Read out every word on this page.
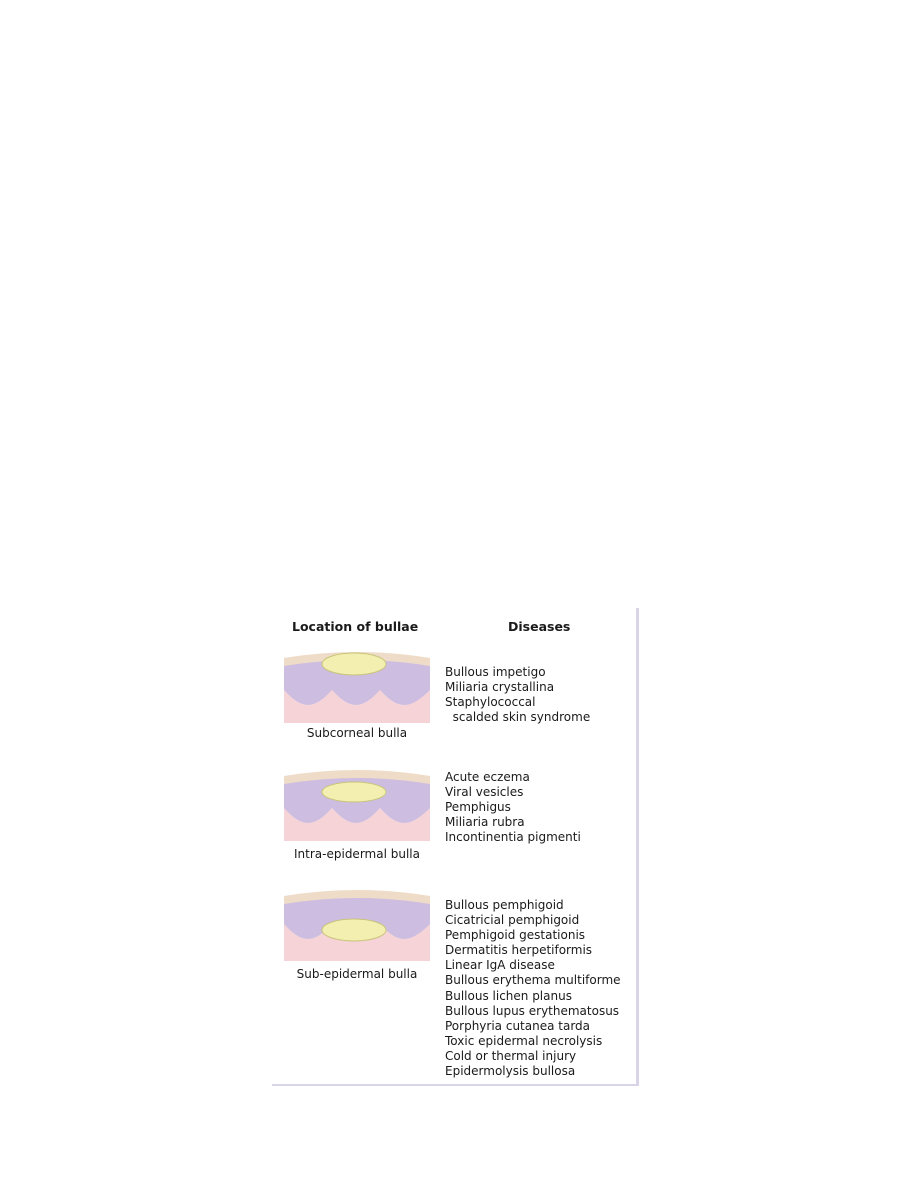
Location of bullae	Diseases
Subcorneal bulla
Bullous impetigo
Miliaria crystallina
Staphylococcal
scalded skin syndrome
Intra-epidermal bulla
Acute eczema
Viral vesicles
Pemphigus
Miliaria rubra
Incontinentia pigmenti
Sub-epidermal bulla
Bullous pemphigoid
Cicatricial pemphigoid
Pemphigoid gestationis
Dermatitis herpetiformis
Linear IgA disease
Bullous erythema multiforme
Bullous lichen planus
Bullous lupus erythematosus
Porphyria cutanea tarda
Toxic epidermal necrolysis
Cold or thermal injury
Epidermolysis bullosa
